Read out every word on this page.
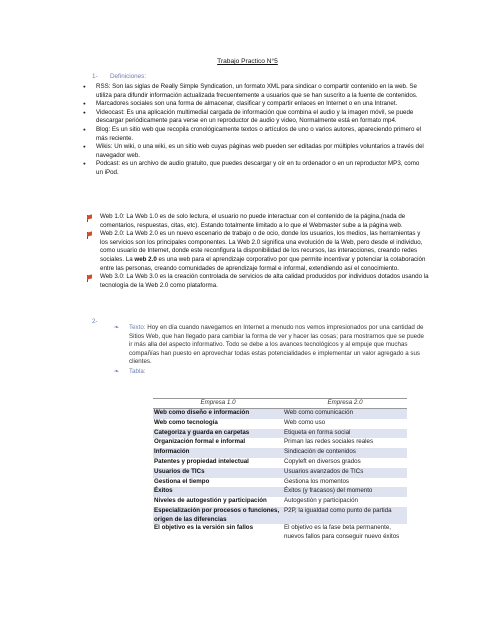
Trabajo Practico N°5
1- Definiciones:
● RSS: Son las siglas de Really Simple Syndication, un formato XML para sindicar o compartir contenido en la web. Se utiliza para difundir información actualizada frecuentemente a usuarios que se han suscrito a la fuente de contenidos.
● Marcadores sociales son una forma de almacenar, clasificar y compartir enlaces en Internet o en una Intranet.
● Videocast: Es una aplicación multimedial cargada de información que combina el audio y la imagen móvil, se puede descargar periódicamente para verse en un reproductor de audio y video, Normalmente está en formato mp4.
● Blog: Es un sitio web que recopila cronológicamente textos o artículos de uno o varios autores, apareciendo primero el más reciente.
● Wikis: Un wiki, o una wiki, es un sitio web cuyas páginas web pueden ser editadas por múltiples voluntarios a través del navegador web.
● Podcast: es un archivo de audio gratuito, que puedes descargar y oír en tu ordenador o en un reproductor MP3, como un iPod.
Web 1.0: La Web 1.0 es de solo lectura, el usuario no puede interactuar con el contenido de la página,(nada de comentarios, respuestas, citas, etc). Estando totalmente limitado a lo que el Webmaster sube a la página web.
Web 2.0: La Web 2.0 es un nuevo escenario de trabajo o de ocio, donde los usuarios, los medios, las herramientas y los servicios son los principales componentes. La Web 2.0 significa una evolución de la Web, pero desde el individuo, como usuario de Internet, donde este reconfigura la disponibilidad de los recursos, las interacciones, creando redes sociales. La web 2.0 es una web para el aprendizaje corporativo por que permite incentivar y potenciar la colaboración entre las personas, creando comunidades de aprendizaje formal e informal, extendiendo así el conocimiento.
Web 3.0: La Web 3.0 es la creación controlada de servicios de alta calidad producidos por individuos dotados usando la tecnología de la Web 2.0 como plataforma.
2-
❧	Texto: Hoy en día cuando navegamos en Internet a menudo nos vemos impresionados por una cantidad de Sitios Web, que han llegado para cambiar la forma de ver y hacer las cosas; para mostrarnos que se puede ir más alla del aspecto informativo. Todo se debe a los avances tecnológicos y al empuje que muchas compañías han puesto en aprovechar todas estas potencialidades e implementar un valor agregado a sus clientes.

❧	Tabla:

Empresa 1.0	Empresa 2.0
Web como diseño e información	Web como comunicación
Web como tecnología	Web como uso
Categoriza y guarda en carpetas	Etiqueta en forma social
Organización formal e informal	Priman las redes sociales reales
Información	Sindicación de contenidos
Patentes y propiedad intelectual	Copyleft en diversos grados
Usuarios de TICs	Usuarios avanzados de TICs
Gestiona el tiempo	Gestiona los momentos
Éxitos	Éxitos (y fracasos) del momento
Niveles de autogestión y participación	Autogestión y participación
Especialización por procesos o funciones, origen de las diferencias	P2P, la igualdad como punto de partida
El objetivo es la versión sin fallos	El objetivo es la fase beta permanente, nuevos fallos para conseguir nuevo éxitos
